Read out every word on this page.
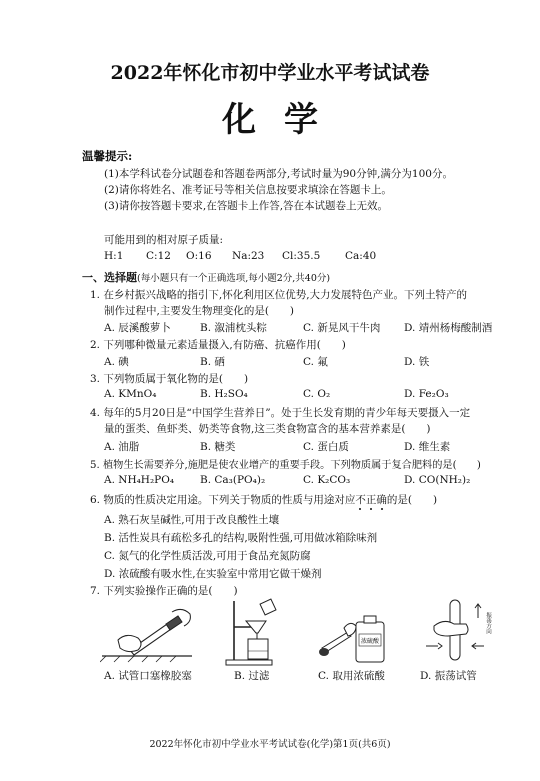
2022年怀化市初中学业水平考试试卷
化学
温馨提示:
(1)本学科试卷分试题卷和答题卷两部分,考试时量为90分钟,满分为100分。
(2)请你将姓名、准考证号等相关信息按要求填涂在答题卡上。
(3)请你按答题卡要求,在答题卡上作答,答在本试题卷上无效。
可能用到的相对原子质量:
H:1 C:12 O:16 Na:23 Cl:35.5 Ca:40
一、选择题(每小题只有一个正确选项,每小题2分,共40分)
1. 在乡村振兴战略的指引下,怀化利用区位优势,大力发展特色产业。下列土特产的
制作过程中,主要发生物理变化的是(　　)
A. 辰溪酸萝卜	B. 溆浦枕头粽	C. 新晃风干牛肉 D. 靖州杨梅酸制酒
2. 下列哪种微量元素适量摄入,有防癌、抗癌作用(　　)
A. 碘	B. 硒	C. 氟	D. 铁
3. 下列物质属于氧化物的是(　　)
A. KMnO₄	B. H₂SO₄	C. O₂	D. Fe₂O₃
4. 每年的5月20日是“中国学生营养日”。处于生长发育期的青少年每天要摄入一定
量的蛋类、鱼虾类、奶类等食物,这三类食物富含的基本营养素是(　　)
A. 油脂	B. 糖类	C. 蛋白质	D. 维生素
5. 植物生长需要养分,施肥是使农业增产的重要手段。下列物质属于复合肥料的是(　　)
A. NH₄H₂PO₄ B. Ca₃(PO₄)₂	C. K₂CO₃	D. CO(NH₂)₂
6. 物质的性质决定用途。下列关于物质的性质与用途对应不正确
的是(　　)
A. 熟石灰呈碱性,可用于改良酸性土壤
B. 活性炭具有疏松多孔的结构,吸附性强,可用做冰箱除味剂
C. 氮气的化学性质活泼,可用于食品充氮防腐
D. 浓硫酸有吸水性,在实验室中常用它做干燥剂
7. 下列实验操作正确的是(　　)
浓硫酸
振荡方向
A. 试管口塞橡胶塞	B. 过滤	C. 取用浓硫酸	D. 振荡试管
2022年怀化市初中学业水平考试试卷(化学)第1页(共6页)
